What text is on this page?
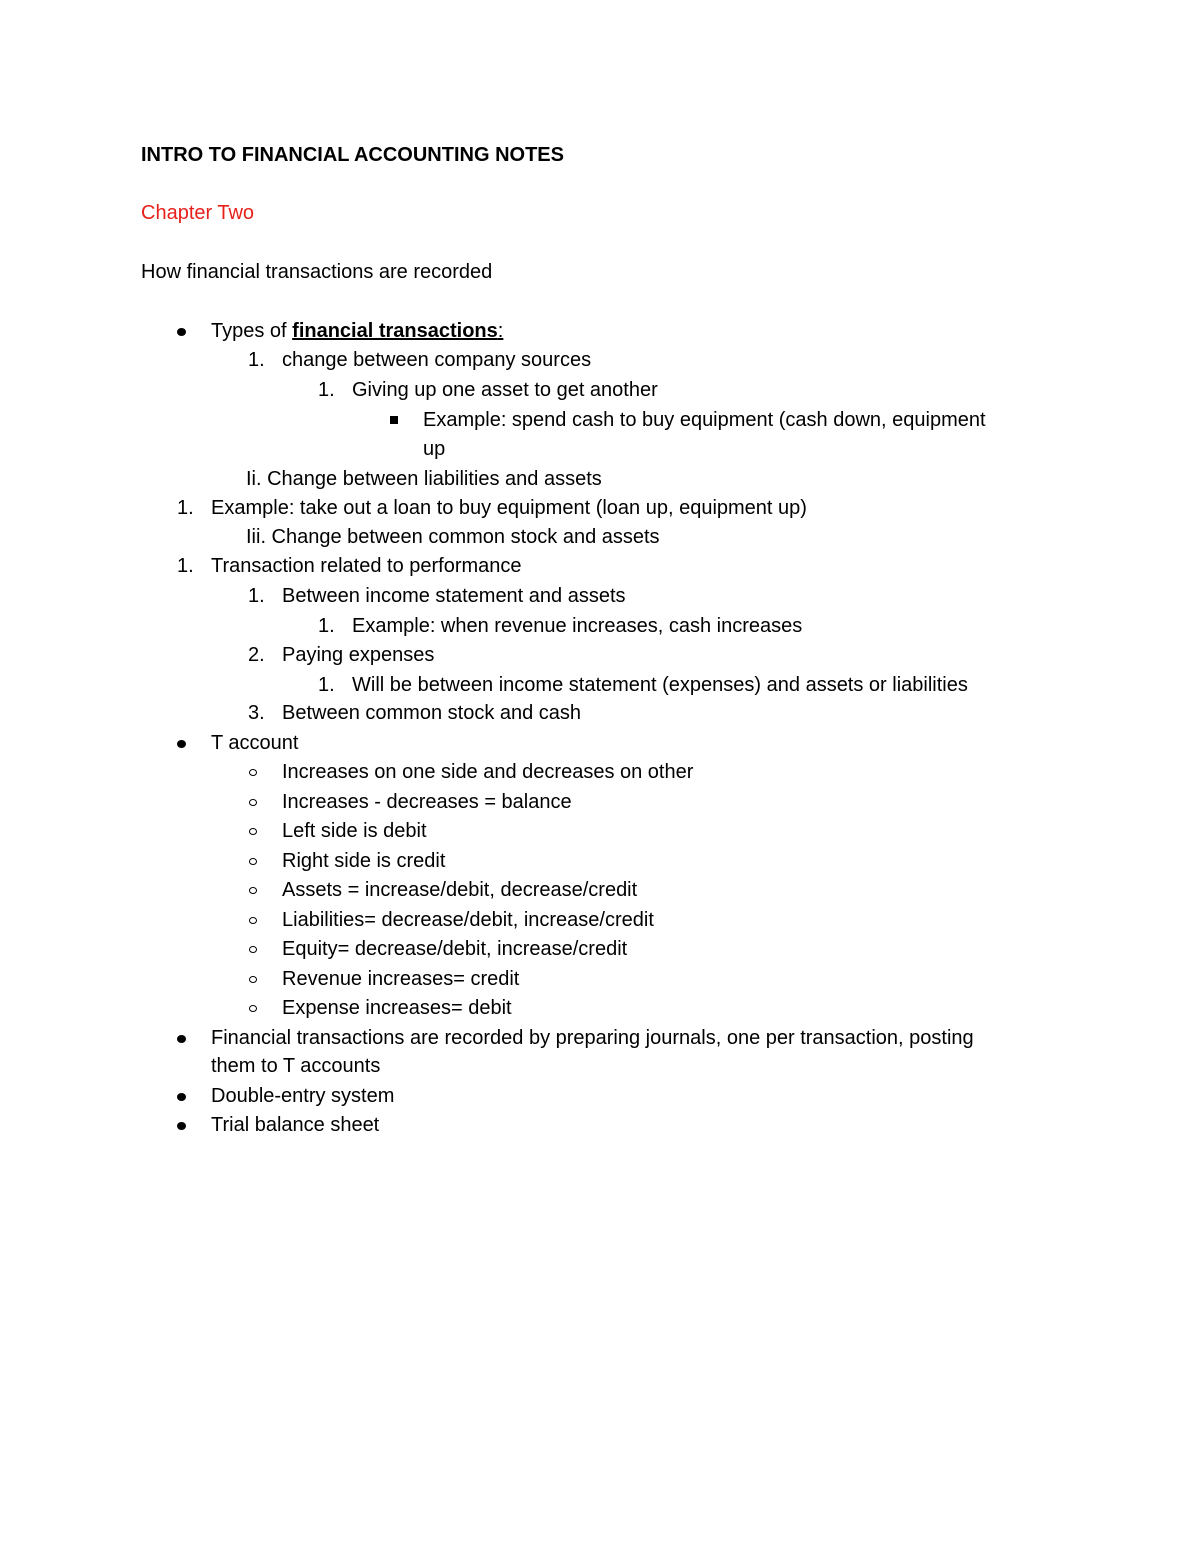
INTRO TO FINANCIAL ACCOUNTING NOTES
Chapter Two
How financial transactions are recorded
Types of financial transactions:
1. change between company sources
1. Giving up one asset to get another
Example: spend cash to buy equipment (cash down, equipment
up
Ii. Change between liabilities and assets
1. Example: take out a loan to buy equipment (loan up, equipment up)
Iii. Change between common stock and assets
1. Transaction related to performance
1. Between income statement and assets
1. Example: when revenue increases, cash increases
2. Paying expenses
1. Will be between income statement (expenses) and assets or liabilities
3. Between common stock and cash
T account
Increases on one side and decreases on other
Increases - decreases = balance
Left side is debit
Right side is credit
Assets = increase/debit, decrease/credit
Liabilities= decrease/debit, increase/credit
Equity= decrease/debit, increase/credit
Revenue increases= credit
Expense increases= debit
Financial transactions are recorded by preparing journals, one per transaction, posting
them to T accounts
Double-entry system
Trial balance sheet
